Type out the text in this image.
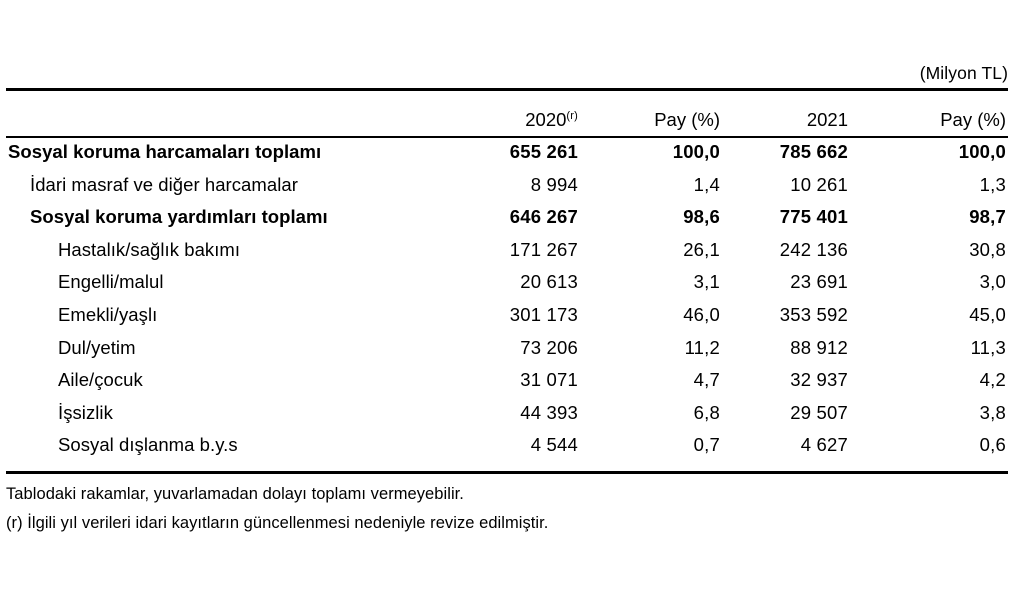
(Milyon TL)
	2020$^{(r)}$	Pay (%)	2021	Pay (%)
Sosyal koruma harcamaları toplamı	655 261	100,0	785 662	100,0
İdari masraf ve diğer harcamalar	8 994	1,4	10 261	1,3
Sosyal koruma yardımları toplamı	646 267	98,6	775 401	98,7
Hastalık/sağlık bakımı	171 267	26,1	242 136	30,8
Engelli/malul	20 613	3,1	23 691	3,0
Emekli/yaşlı	301 173	46,0	353 592	45,0
Dul/yetim	73 206	11,2	88 912	11,3
Aile/çocuk	31 071	4,7	32 937	4,2
İşsizlik	44 393	6,8	29 507	3,8
Sosyal dışlanma b.y.s	4 544	0,7	4 627	0,6
Tablodaki rakamlar, yuvarlamadan dolayı toplamı vermeyebilir.
(r) İlgili yıl verileri idari kayıtların güncellenmesi nedeniyle revize edilmiştir.
